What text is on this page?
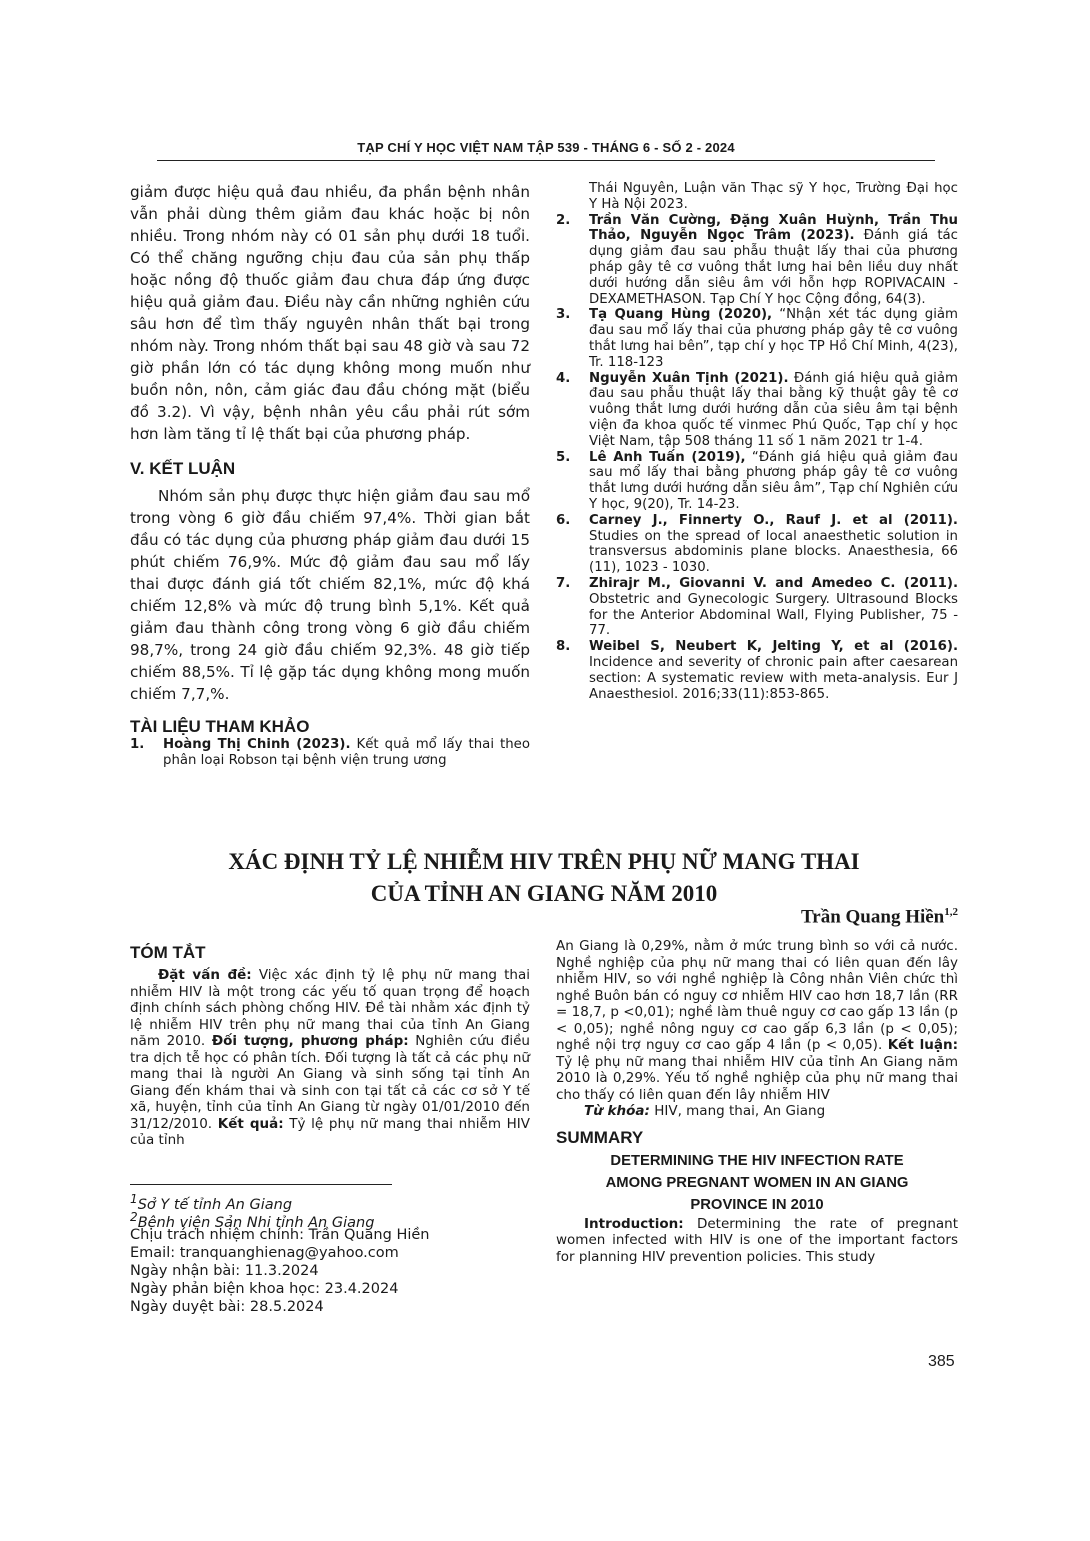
TẠP CHÍ Y HỌC VIỆT NAM TẬP 539 - THÁNG 6 - SỐ 2 - 2024

giảm được hiệu quả đau nhiều, đa phần bệnh nhân vẫn phải dùng thêm giảm đau khác hoặc bị nôn nhiều. Trong nhóm này có 01 sản phụ dưới 18 tuổi. Có thể chăng ngưỡng chịu đau của sản phụ thấp hoặc nồng độ thuốc giảm đau chưa đáp ứng được hiệu quả giảm đau. Điều này cần những nghiên cứu sâu hơn để tìm thấy nguyên nhân thất bại trong nhóm này. Trong nhóm thất bại sau 48 giờ và sau 72 giờ phần lớn có tác dụng không mong muốn như buồn nôn, nôn, cảm giác đau đầu chóng mặt (biểu đồ 3.2). Vì vậy, bệnh nhân yêu cầu phải rút sớm hơn làm tăng tỉ lệ thất bại của phương pháp.

V. KẾT LUẬN

Nhóm sản phụ được thực hiện giảm đau sau mổ trong vòng 6 giờ đầu chiếm 97,4%. Thời gian bắt đầu có tác dụng của phương pháp giảm đau dưới 15 phút chiếm 76,9%. Mức độ giảm đau sau mổ lấy thai được đánh giá tốt chiếm 82,1%, mức độ khá chiếm 12,8% và mức độ trung bình 5,1%. Kết quả giảm đau thành công trong vòng 6 giờ đầu chiếm 98,7%, trong 24 giờ đầu chiếm 92,3%. 48 giờ tiếp chiếm 88,5%. Tỉ lệ gặp tác dụng không mong muốn chiếm 7,7,%.

TÀI LIỆU THAM KHẢO

1.	Hoàng Thị Chinh (2023). Kết quả mổ lấy thai theo phân loại Robson tại bệnh viện trung ương
Thái Nguyên, Luận văn Thạc sỹ Y học, Trường Đại học Y Hà Nội 2023.
2.	Trần Văn Cường, Đặng Xuân Huỳnh, Trần Thu Thảo, Nguyễn Ngọc Trâm (2023). Đánh giá tác dụng giảm đau sau phẫu thuật lấy thai của phương pháp gây tê cơ vuông thắt lưng hai bên liều duy nhất dưới hướng dẫn siêu âm với hỗn hợp ROPIVACAIN - DEXAMETHASON. Tạp Chí Y học Cộng đồng, 64(3).
3.	Tạ Quang Hùng (2020), “Nhận xét tác dụng giảm đau sau mổ lấy thai của phương pháp gây tê cơ vuông thắt lưng hai bên”, tạp chí y học TP Hồ Chí Minh, 4(23), Tr. 118-123
4.	Nguyễn Xuân Tịnh (2021). Đánh giá hiệu quả giảm đau sau phẫu thuật lấy thai bằng kỹ thuật gây tê cơ vuông thắt lưng dưới hướng dẫn của siêu âm tại bệnh viện đa khoa quốc tế vinmec Phú Quốc, Tạp chí y học Việt Nam, tập 508 tháng 11 số 1 năm 2021 tr 1-4.
5.	Lê Anh Tuấn (2019), “Đánh giá hiệu quả giảm đau sau mổ lấy thai bằng phương pháp gây tê cơ vuông thắt lưng dưới hướng dẫn siêu âm”, Tạp chí Nghiên cứu Y học, 9(20), Tr. 14-23.
6.	Carney J., Finnerty O., Rauf J. et al (2011). Studies on the spread of local anaesthetic solution in transversus abdominis plane blocks. Anaesthesia, 66 (11), 1023 - 1030.
7.	Zhirajr M., Giovanni V. and Amedeo C. (2011). Obstetric and Gynecologic Surgery. Ultrasound Blocks for the Anterior Abdominal Wall, Flying Publisher, 75 - 77.
8.	Weibel S, Neubert K, Jelting Y, et al (2016). Incidence and severity of chronic pain after caesarean section: A systematic review with meta-analysis. Eur J Anaesthesiol. 2016;33(11):853-865.

XÁC ĐỊNH TỶ LỆ NHIỄM HIV TRÊN PHỤ NỮ MANG THAI

CỦA TỈNH AN GIANG NĂM 2010

Trần Quang Hiền$^{1,2}$

TÓM TẮT

Đặt vấn đề: Việc xác định tỷ lệ phụ nữ mang thai nhiễm HIV là một trong các yếu tố quan trọng để hoạch định chính sách phòng chống HIV. Đề tài nhằm xác định tỷ lệ nhiễm HIV trên phụ nữ mang thai của tỉnh An Giang năm 2010. Đối tượng, phương pháp: Nghiên cứu điều tra dịch tễ học có phân tích. Đối tượng là tất cả các phụ nữ mang thai là người An Giang và sinh sống tại tỉnh An Giang đến khám thai và sinh con tại tất cả các cơ sở Y tế xã, huyện, tỉnh của tỉnh An Giang từ ngày 01/01/2010 đến 31/12/2010. Kết quả: Tỷ lệ phụ nữ mang thai nhiễm HIV của tỉnh

$^1$Sở Y tế tỉnh An Giang
$^2$Bệnh viện Sản Nhi tỉnh An Giang
Chịu trách nhiệm chính: Trần Quang Hiền
Email: tranquanghienag@yahoo.com
Ngày nhận bài: 11.3.2024
Ngày phản biện khoa học: 23.4.2024
Ngày duyệt bài: 28.5.2024

An Giang là 0,29%, nằm ở mức trung bình so với cả nước. Nghề nghiệp của phụ nữ mang thai có liên quan đến lây nhiễm HIV, so với nghề nghiệp là Công nhân Viên chức thì nghề Buôn bán có nguy cơ nhiễm HIV cao hơn 18,7 lần (RR = 18,7, p <0,01); nghề làm thuê nguy cơ cao gấp 13 lần (p < 0,05); nghề nông nguy cơ cao gấp 6,3 lần (p < 0,05); nghề nội trợ nguy cơ cao gấp 4 lần (p < 0,05). Kết luận: Tỷ lệ phụ nữ mang thai nhiễm HIV của tỉnh An Giang năm 2010 là 0,29%. Yếu tố nghề nghiệp của phụ nữ mang thai cho thấy có liên quan đến lây nhiễm HIV

Từ khóa: HIV, mang thai, An Giang

SUMMARY

DETERMINING THE HIV INFECTION RATE

AMONG PREGNANT WOMEN IN AN GIANG

PROVINCE IN 2010

Introduction: Determining the rate of pregnant women infected with HIV is one of the important factors for planning HIV prevention policies. This study

385
